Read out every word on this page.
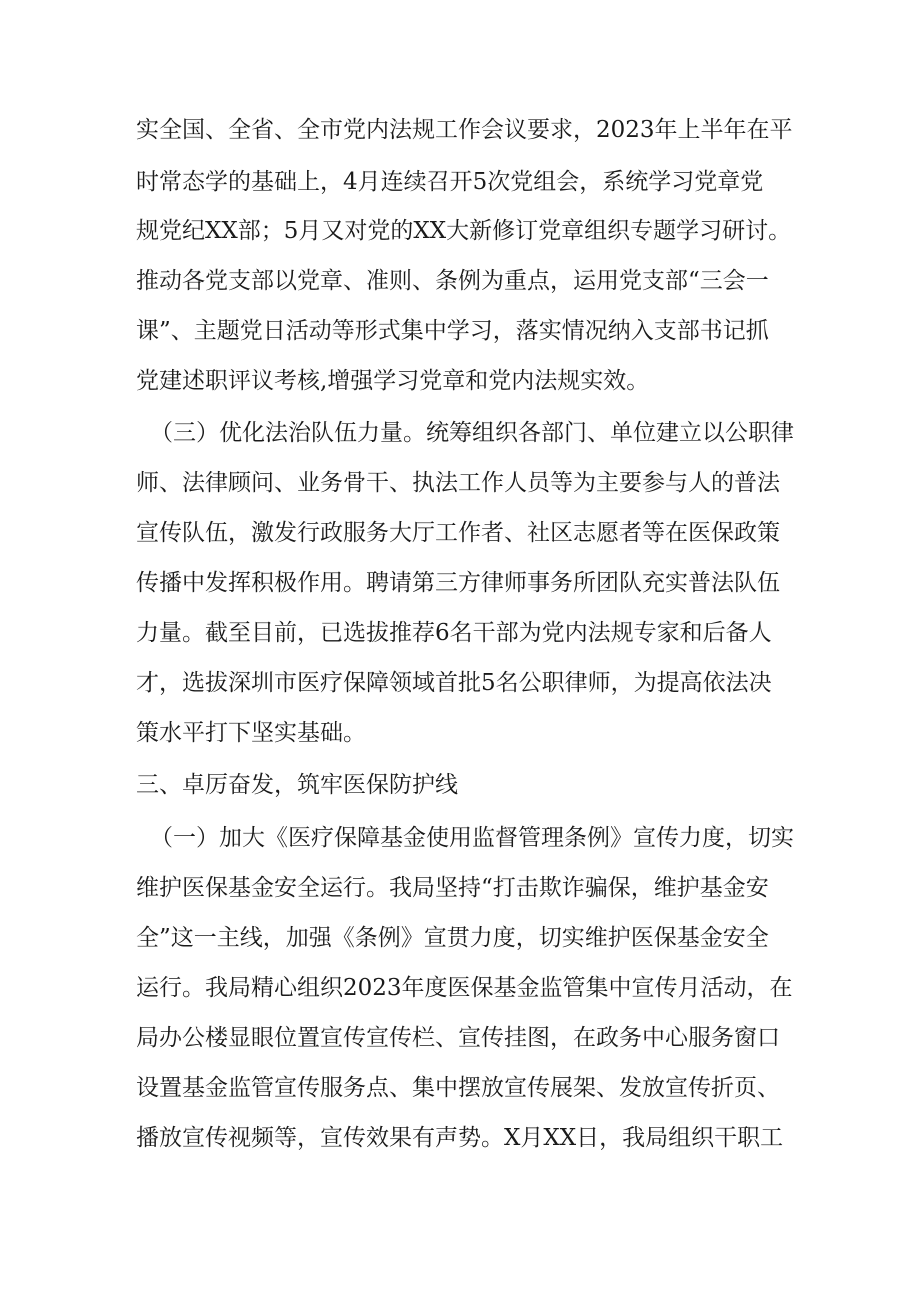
实全国、全省、全市党内法规工作会议要求，2023年上半年在平
时常态学的基础上，4月连续召开5次党组会，系统学习党章党
规党纪XX部；5月又对党的XX大新修订党章组织专题学习研讨。
推动各党支部以党章、准则、条例为重点，运用党支部“三会一
课”、主题党日活动等形式集中学习，落实情况纳入支部书记抓
党建述职评议考核,增强学习党章和党内法规实效。
（三）优化法治队伍力量。统筹组织各部门、单位建立以公职律
师、法律顾问、业务骨干、执法工作人员等为主要参与人的普法
宣传队伍，激发行政服务大厅工作者、社区志愿者等在医保政策
传播中发挥积极作用。聘请第三方律师事务所团队充实普法队伍
力量。截至目前，已选拔推荐6名干部为党内法规专家和后备人
才，选拔深圳市医疗保障领域首批5名公职律师，为提高依法决
策水平打下坚实基础。
三、卓厉奋发，筑牢医保防护线
（一）加大《医疗保障基金使用监督管理条例》宣传力度，切实
维护医保基金安全运行。我局坚持“打击欺诈骗保，维护基金安
全”这一主线，加强《条例》宣贯力度，切实维护医保基金安全
运行。我局精心组织2023年度医保基金监管集中宣传月活动，在
局办公楼显眼位置宣传宣传栏、宣传挂图，在政务中心服务窗口
设置基金监管宣传服务点、集中摆放宣传展架、发放宣传折页、
播放宣传视频等，宣传效果有声势。X月XX日，我局组织干职工
